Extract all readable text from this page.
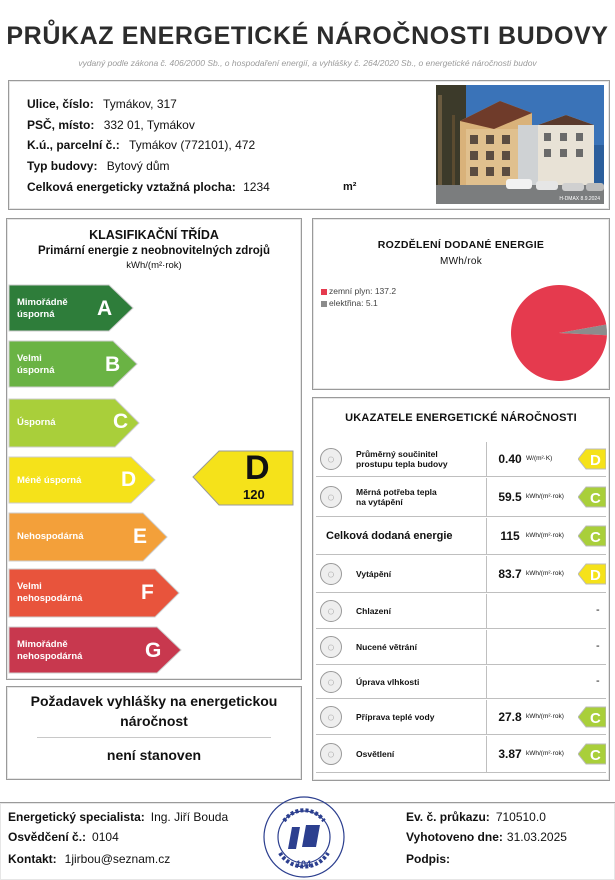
PRŮKAZ ENERGETICKÉ NÁROČNOSTI BUDOVY
vydaný podle zákona č. 406/2000 Sb., o hospodaření energií, a vyhlášky č. 264/2020 Sb., o energetické náročnosti budov
Ulice, číslo: Tymákov, 317
PSČ, místo: 332 01, Tymákov
K.ú., parcelní č.: Tymákov (772101), 472
Typ budovy: Bytový dům
Celková energeticky vztažná plocha: 1234	m²
H-DMAX 8.9.2024
KLASIFIKAČNÍ TŘÍDA
Primární energie z neobnovitelných zdrojů
kWh/(m²·rok)
Mimořádně
úsporná	A
Velmi
úsporná B
Úsporná	C
Méně úsporná D
Nehospodárná E
Velmi
nehospodárná	F
Mimořádně
nehospodárná	G
D
120
Požadavek vyhlášky na energetickou
náročnost
není stanoven
ROZDĚLENÍ DODANÉ ENERGIE
MWh/rok
zemní plyn: 137.2
elektřina: 5.1
UKAZATELE ENERGETICKÉ NÁROČNOSTI
◌	Průměrný součinitel
prostupu tepla budovy	0.40 W/(m²·K)	D
◌	Měrná potřeba tepla
na vytápění	59.5 kWh/(m²·rok)	C
Celková dodaná energie	115 kWh/(m²·rok)	C
◌	Vytápění	83.7 kWh/(m²·rok)	D
◌	Chlazení	-
◌	Nucené větrání	-
◌	Úprava vlhkosti	-
◌	Příprava teplé vody	27.8 kWh/(m²·rok)	C
◌	Osvětlení	3.87 kWh/(m²·rok)	C
Energetický specialista: Ing. Jiří Bouda
Osvědčení č.: 0104
Kontakt: 1jirbou@seznam.cz	104
Ev. č. průkazu: 710510.0
Vyhotoveno dne: 31.03.2025
Podpis:
